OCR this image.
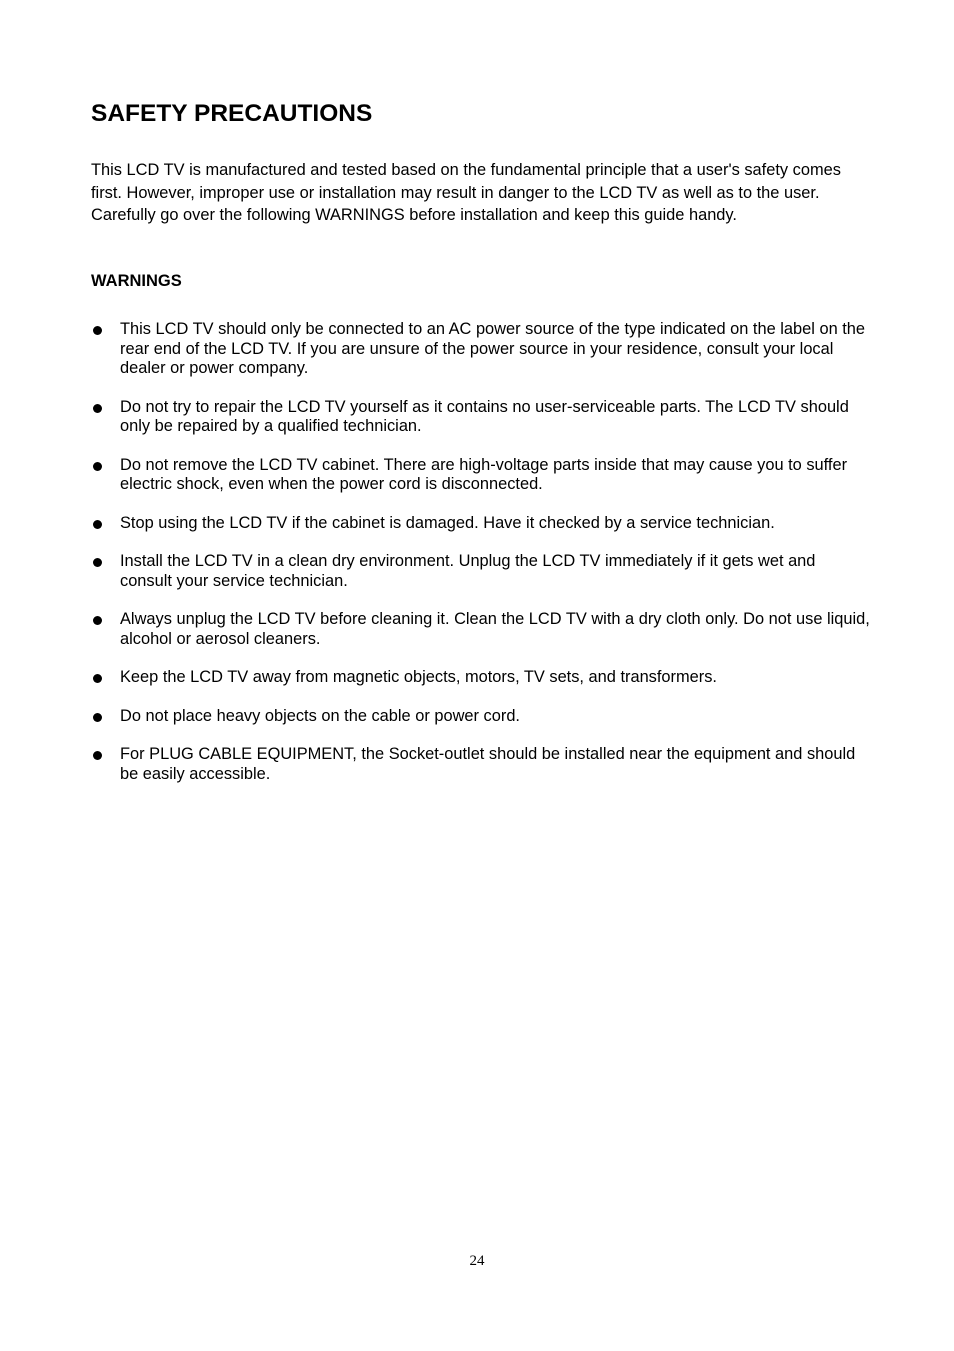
SAFETY PRECAUTIONS

This LCD TV is manufactured and tested based on the fundamental principle that a user's safety comes first. However, improper use or installation may result in danger to the LCD TV as well as to the user. Carefully go over the following WARNINGS before installation and keep this guide handy.

WARNINGS
This LCD TV should only be connected to an AC power source of the type indicated on the label on the rear end of the LCD TV. If you are unsure of the power source in your residence, consult your local dealer or power company.
Do not try to repair the LCD TV yourself as it contains no user-serviceable parts. The LCD TV should only be repaired by a qualified technician.
Do not remove the LCD TV cabinet. There are high-voltage parts inside that may cause you to suffer electric shock, even when the power cord is disconnected.
Stop using the LCD TV if the cabinet is damaged. Have it checked by a service technician.
Install the LCD TV in a clean dry environment. Unplug the LCD TV immediately if it gets wet and consult your service technician.
Always unplug the LCD TV before cleaning it. Clean the LCD TV with a dry cloth only. Do not use liquid, alcohol or aerosol cleaners.
Keep the LCD TV away from magnetic objects, motors, TV sets, and transformers.
Do not place heavy objects on the cable or power cord.
For PLUG CABLE EQUIPMENT, the Socket-outlet should be installed near the equipment and should be easily accessible.
24
